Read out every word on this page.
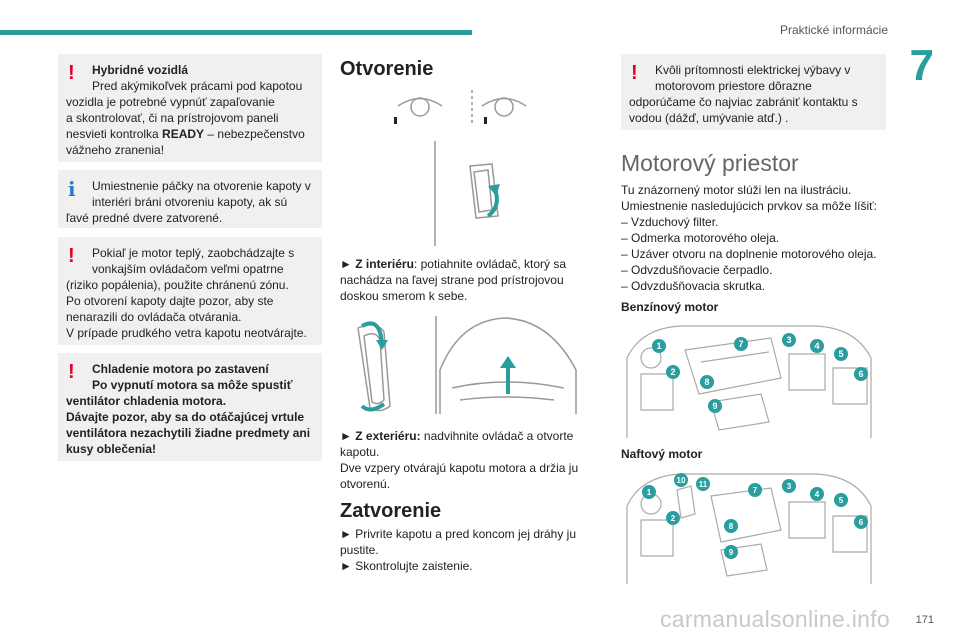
Praktické informácie
7
171
carmanualsonline.info
!	Hybridné vozidlá
Pred akýmikoľvek prácami pod kapotou
vozidla je potrebné vypnúť zapaľovanie
a skontrolovať, či na prístrojovom paneli
nesvieti kontrolka READY – nebezpečenstvo
vážneho zranenia!
i	Umiestnenie páčky na otvorenie kapoty v
interiéri bráni otvoreniu kapoty, ak sú
ľavé predné dvere zatvorené.
!	Pokiaľ je motor teplý, zaobchádzajte s
vonkajším ovládačom veľmi opatrne
(riziko popálenia), použite chránenú zónu.
Po otvorení kapoty dajte pozor, aby ste
nenarazili do ovládača otvárania.
V prípade prudkého vetra kapotu neotvárajte.
!	Chladenie motora po zastavení
Po vypnutí motora sa môže spustiť
ventilátor chladenia motora.
Dávajte pozor, aby sa do otáčajúcej vrtule
ventilátora nezachytili žiadne predmety ani
kusy oblečenia!
Otvorenie
► Z interiéru: potiahnite ovládač, ktorý sa
nachádza na ľavej strane pod prístrojovou
doskou smerom k sebe.
► Z exteriéru: nadvihnite ovládač a otvorte
kapotu.
Dve vzpery otvárajú kapotu motora a držia ju
otvorenú.
Zatvorenie
► Privrite kapotu a pred koncom jej dráhy ju
pustite.
► Skontrolujte zaistenie.
!	Kvôli prítomnosti elektrickej výbavy v
motorovom priestore dôrazne
odporúčame čo najviac zabrániť kontaktu s
vodou (dážď, umývanie atď.) .
Motorový priestor
Tu znázornený motor slúži len na ilustráciu.
Umiestnenie nasledujúcich prvkov sa môže líšiť:
– Vzduchový filter.
– Odmerka motorového oleja.
– Uzáver otvoru na doplnenie motorového oleja.
– Odvzdušňovacie čerpadlo.
– Odvzdušňovacia skrutka.
Benzínový motor
1
2
3
4
5
6
7
8
9
Naftový motor
1
2
3
4
5
6
7
8
9
10 11
